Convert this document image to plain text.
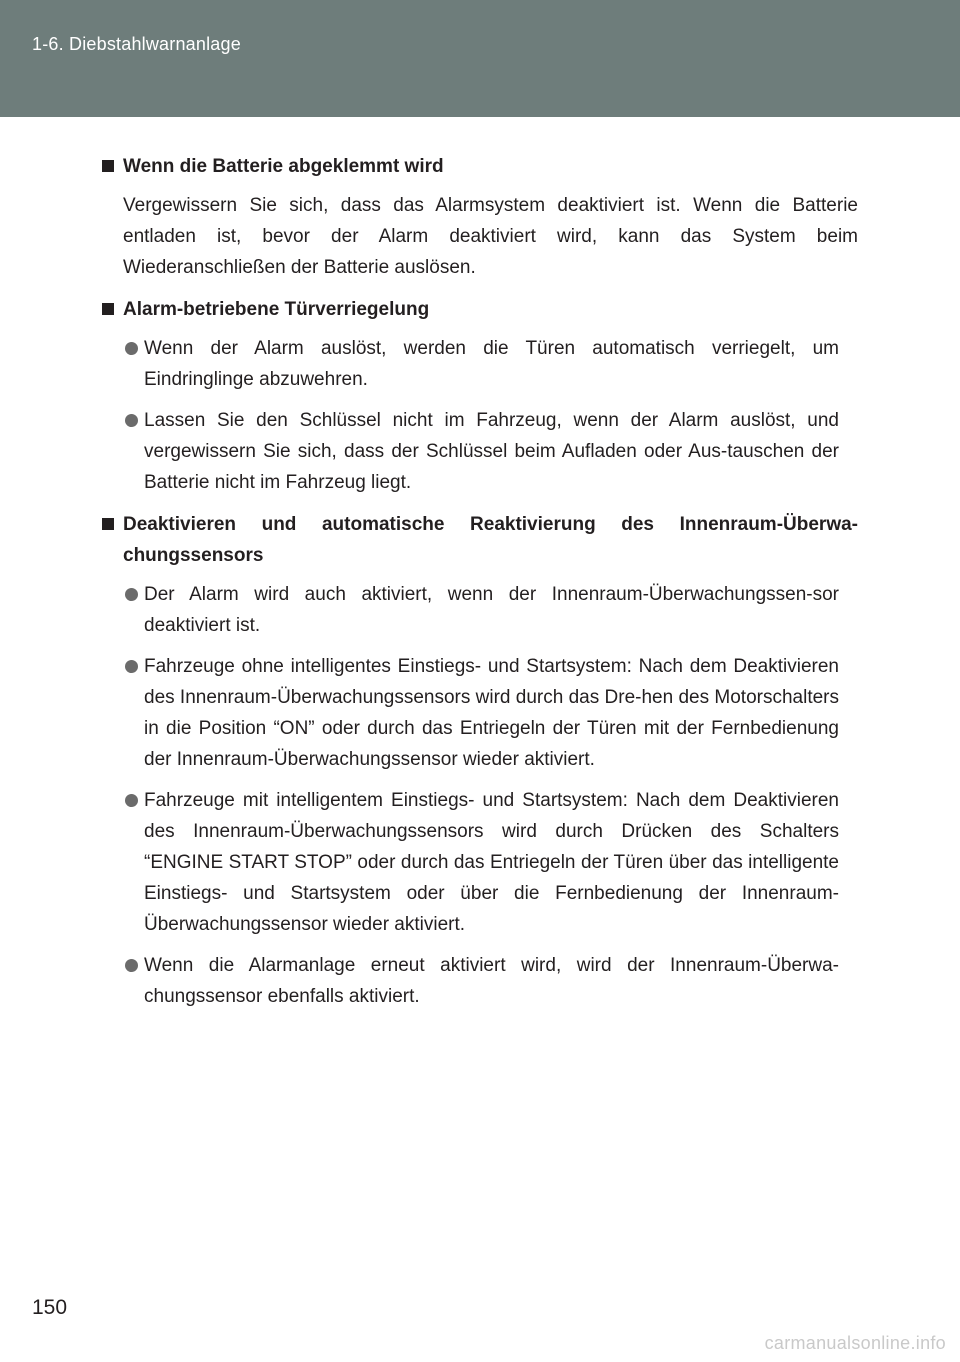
1-6. Diebstahlwarnanlage
Wenn die Batterie abgeklemmt wird
Vergewissern Sie sich, dass das Alarmsystem deaktiviert ist. Wenn die Batterie entladen ist, bevor der Alarm deaktiviert wird, kann das System beim Wiederanschließen der Batterie auslösen.
Alarm-betriebene Türverriegelung
Wenn der Alarm auslöst, werden die Türen automatisch verriegelt, um Eindringlinge abzuwehren.
Lassen Sie den Schlüssel nicht im Fahrzeug, wenn der Alarm auslöst, und vergewissern Sie sich, dass der Schlüssel beim Aufladen oder Aus-tauschen der Batterie nicht im Fahrzeug liegt.
Deaktivieren und automatische Reaktivierung des Innenraum-Überwa-chungssensors
Der Alarm wird auch aktiviert, wenn der Innenraum-Überwachungssen-sor deaktiviert ist.
Fahrzeuge ohne intelligentes Einstiegs- und Startsystem: Nach dem Deaktivieren des Innenraum-Überwachungssensors wird durch das Dre-hen des Motorschalters in die Position “ON” oder durch das Entriegeln der Türen mit der Fernbedienung der Innenraum-Überwachungssensor wieder aktiviert.
Fahrzeuge mit intelligentem Einstiegs- und Startsystem: Nach dem Deaktivieren des Innenraum-Überwachungssensors wird durch Drücken des Schalters “ENGINE START STOP” oder durch das Entriegeln der Türen über das intelligente Einstiegs- und Startsystem oder über die Fernbedienung der Innenraum-Überwachungssensor wieder aktiviert.
Wenn die Alarmanlage erneut aktiviert wird, wird der Innenraum-Überwa-chungssensor ebenfalls aktiviert.
150
carmanualsonline.info
